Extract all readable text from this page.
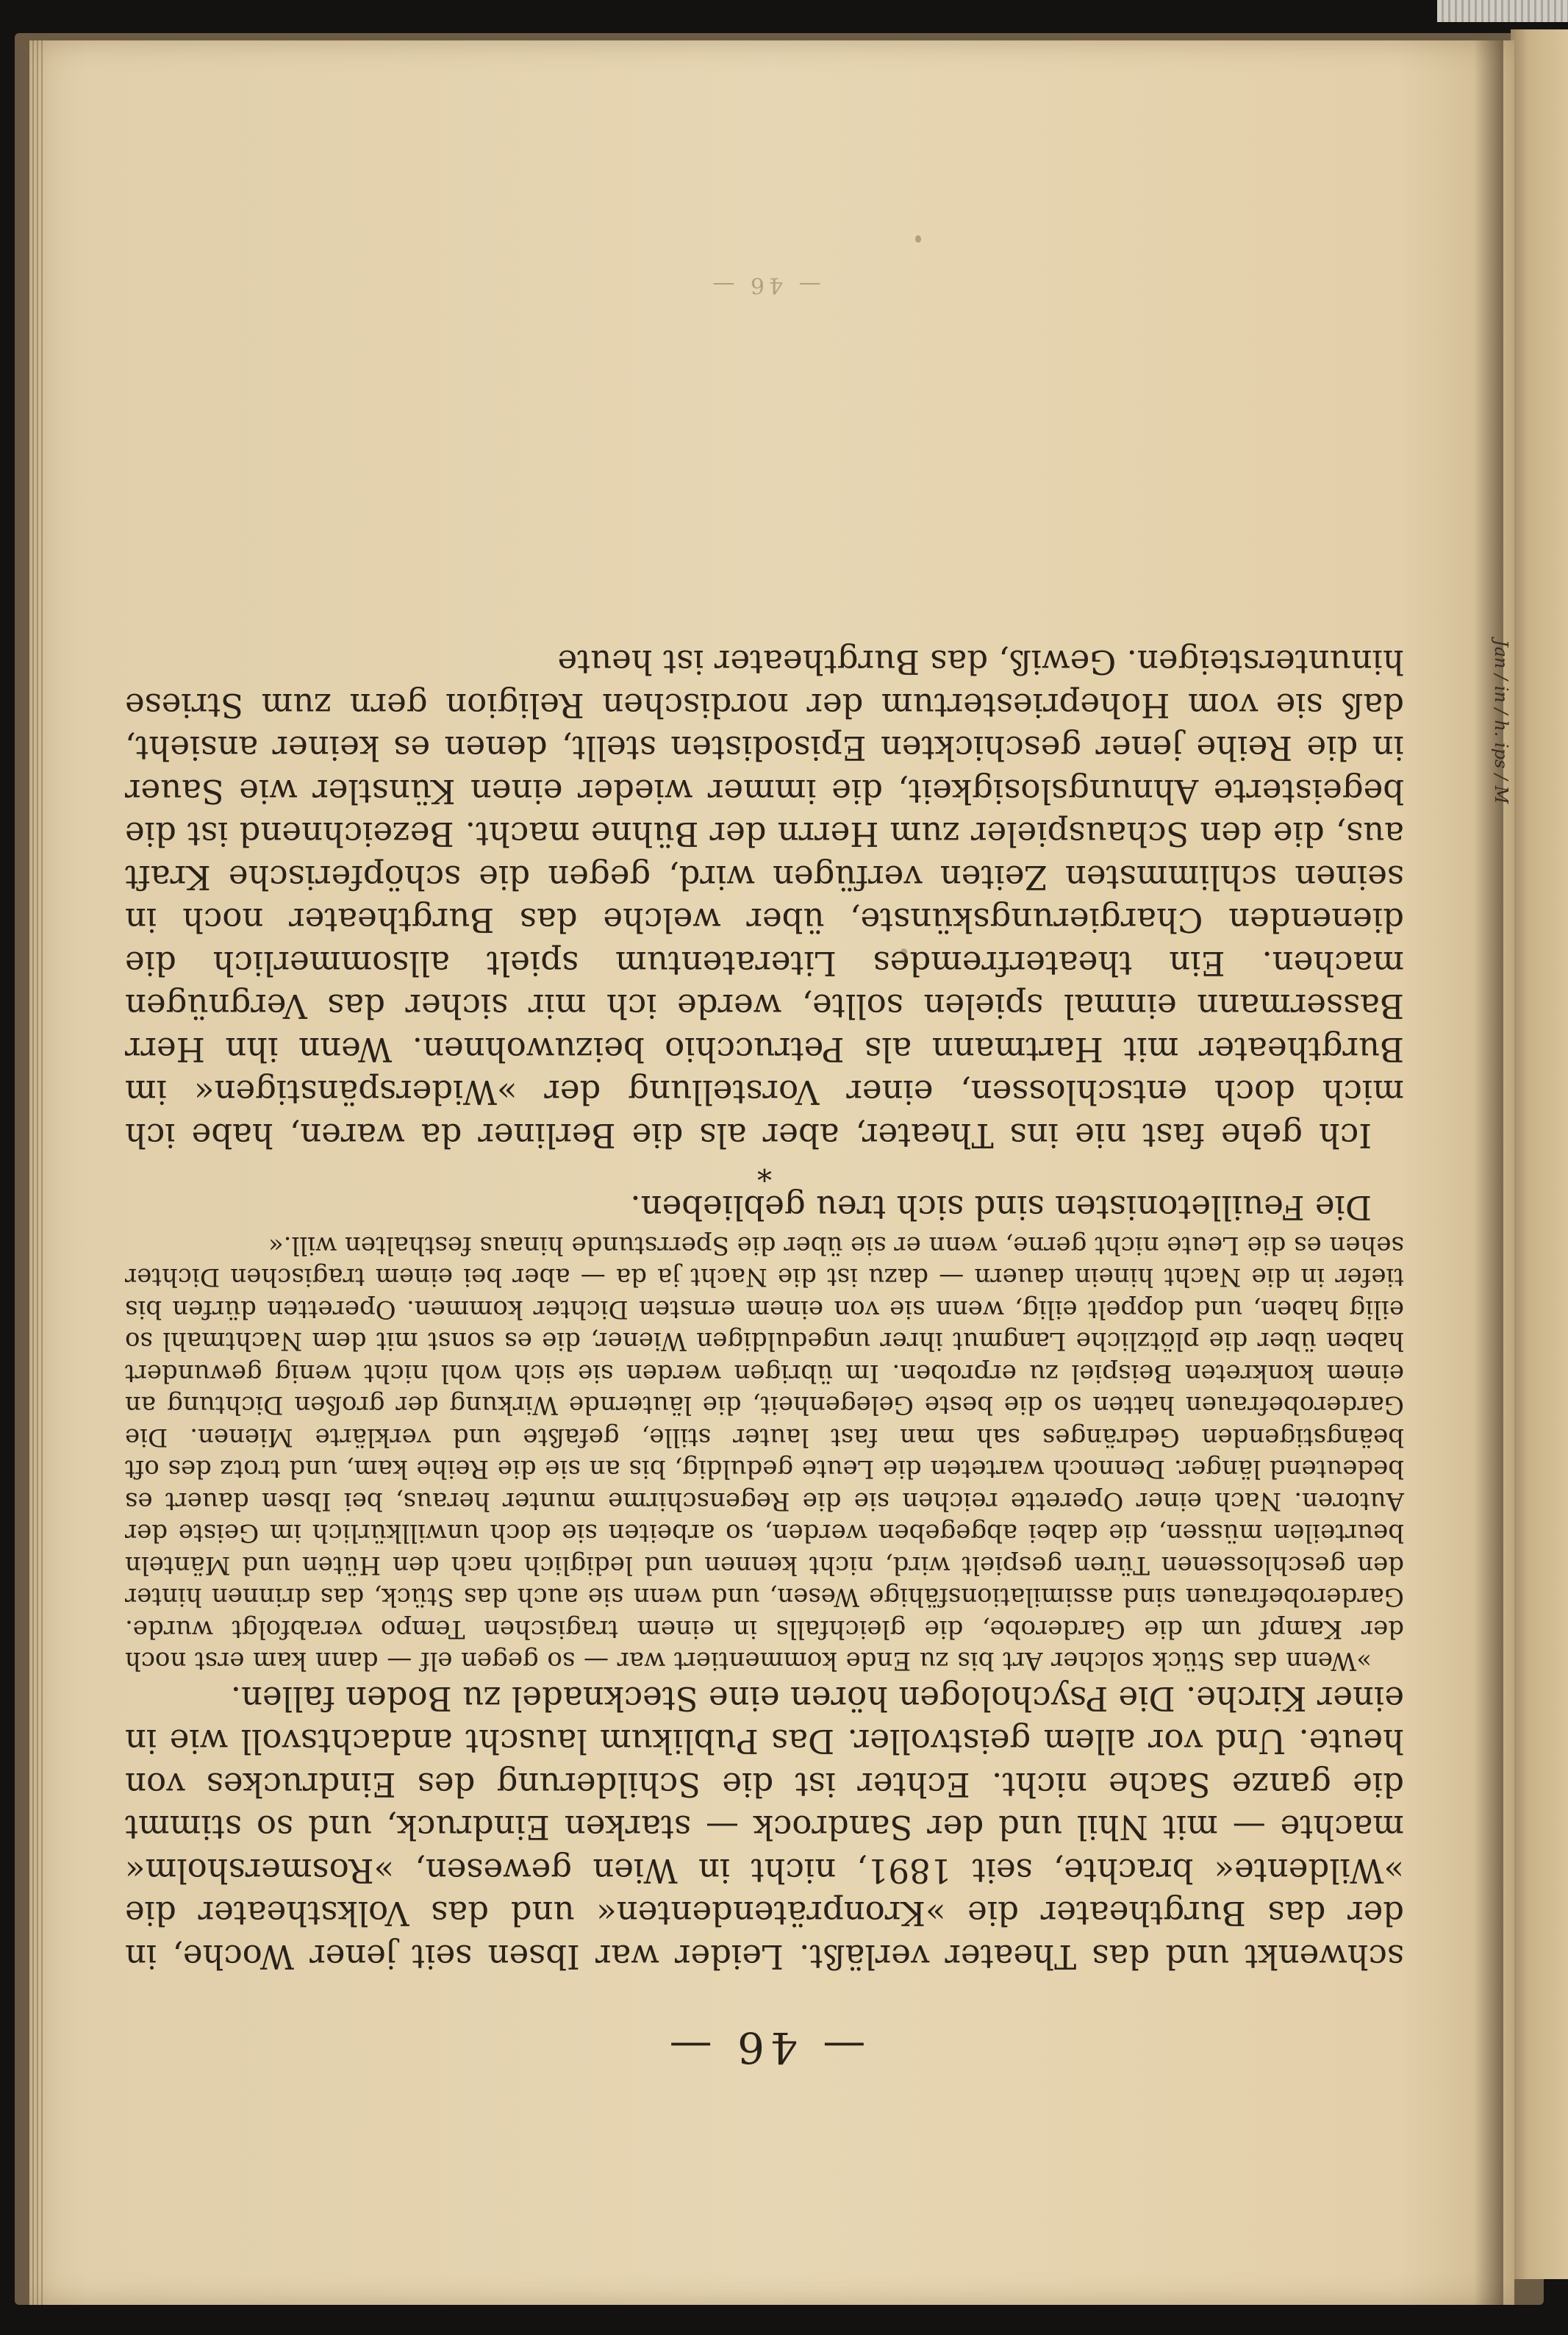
— 46 —

schwenkt und das Theater verläßt. Leider war Ibsen seit jener Woche, in der das Burgtheater die »Kronprätendenten« und das Volkstheater die »Wildente« brachte, seit 1891, nicht in Wien gewesen, »Rosmersholm« machte — mit Nhil und der Sandrock — starken Eindruck, und so stimmt die ganze Sache nicht. Echter ist die Schilderung des Eindruckes von heute. Und vor allem geistvoller. Das Publikum lauscht andachtsvoll wie in einer Kirche. Die Psychologen hören eine Stecknadel zu Boden fallen.

»Wenn das Stück solcher Art bis zu Ende kommentiert war — so gegen elf — dann kam erst noch der Kampf um die Garderobe, die gleichfalls in einem tragischen Tempo verabfolgt wurde. Garderobefrauen sind assimilationsfähige Wesen, und wenn sie auch das Stück, das drinnen hinter den geschlossenen Türen gespielt wird, nicht kennen und lediglich nach den Hüten und Mänteln beurteilen müssen, die dabei abgegeben werden, so arbeiten sie doch unwillkürlich im Geiste der Autoren. Nach einer Operette reichen sie die Regenschirme munter heraus, bei Ibsen dauert es bedeutend länger. Dennoch warteten die Leute geduldig, bis an sie die Reihe kam, und trotz des oft beängstigenden Gedränges sah man fast lauter stille, gefaßte und verklärte Mienen. Die Garderobefrauen hatten so die beste Gelegenheit, die läuternde Wirkung der großen Dichtung an einem konkreten Beispiel zu erproben. Im übrigen werden sie sich wohl nicht wenig gewundert haben über die plötzliche Langmut ihrer ungeduldigen Wiener, die es sonst mit dem Nachtmahl so eilig haben, und doppelt eilig, wenn sie von einem ernsten Dichter kommen. Operetten dürfen bis tiefer in die Nacht hinein dauern — dazu ist die Nacht ja da — aber bei einem tragischen Dichter sehen es die Leute nicht gerne, wenn er sie über die Sperrstunde hinaus festhalten will.«

Die Feuilletonisten sind sich treu geblieben.

*

Ich gehe fast nie ins Theater, aber als die Berliner da waren, habe ich mich doch entschlossen, einer Vorstellung der »Widerspänstigen« im Burgtheater mit Hartmann als Petrucchio beizuwohnen. Wenn ihn Herr Bassermann einmal spielen sollte, werde ich mir sicher das Vergnügen machen. Ein theaterfremdes Literatentum spielt allsommerlich die dienenden Chargierungskünste, über welche das Burgtheater noch in seinen schlimmsten Zeiten verfügen wird, gegen die schöpferische Kraft aus, die den Schauspieler zum Herrn der Bühne macht. Bezeichnend ist die begeisterte Ahnungslosigkeit, die immer wieder einen Künstler wie Sauer in die Reihe jener geschickten Episodisten stellt, denen es keiner ansieht, daß sie vom Hohepriestertum der nordischen Religion gern zum Striese hinuntersteigen. Gewiß, das Burgtheater ist heute

— 46 —
Jan /
